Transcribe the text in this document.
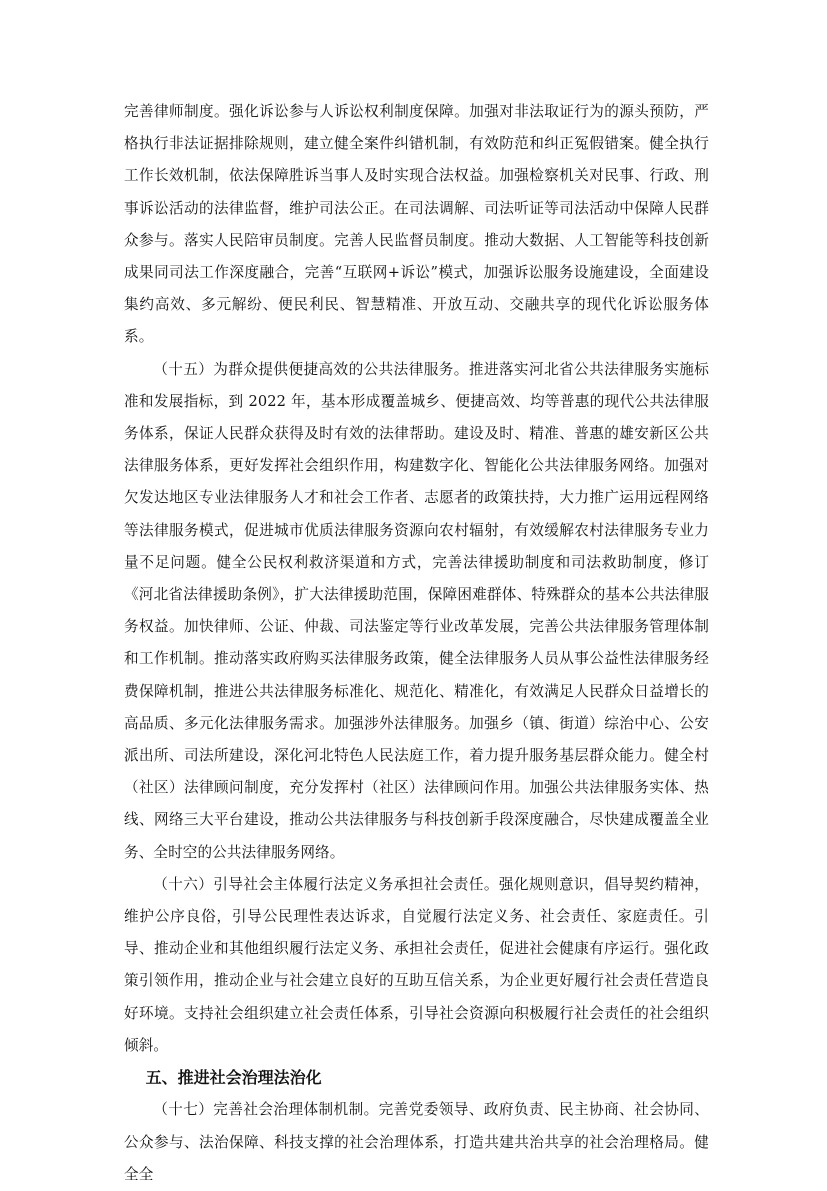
完善律师制度。强化诉讼参与人诉讼权利制度保障。加强对非法取证行为的源头预防，严格执行非法证据排除规则，建立健全案件纠错机制，有效防范和纠正冤假错案。健全执行工作长效机制，依法保障胜诉当事人及时实现合法权益。加强检察机关对民事、行政、刑事诉讼活动的法律监督，维护司法公正。在司法调解、司法听证等司法活动中保障人民群众参与。落实人民陪审员制度。完善人民监督员制度。推动大数据、人工智能等科技创新成果同司法工作深度融合，完善“互联网+诉讼”模式，加强诉讼服务设施建设，全面建设集约高效、多元解纷、便民利民、智慧精准、开放互动、交融共享的现代化诉讼服务体系。

（十五）为群众提供便捷高效的公共法律服务。推进落实河北省公共法律服务实施标准和发展指标，到 2022 年，基本形成覆盖城乡、便捷高效、均等普惠的现代公共法律服务体系，保证人民群众获得及时有效的法律帮助。建设及时、精准、普惠的雄安新区公共法律服务体系，更好发挥社会组织作用，构建数字化、智能化公共法律服务网络。加强对欠发达地区专业法律服务人才和社会工作者、志愿者的政策扶持，大力推广运用远程网络等法律服务模式，促进城市优质法律服务资源向农村辐射，有效缓解农村法律服务专业力量不足问题。健全公民权利救济渠道和方式，完善法律援助制度和司法救助制度，修订《河北省法律援助条例》，扩大法律援助范围，保障困难群体、特殊群众的基本公共法律服务权益。加快律师、公证、仲裁、司法鉴定等行业改革发展，完善公共法律服务管理体制和工作机制。推动落实政府购买法律服务政策，健全法律服务人员从事公益性法律服务经费保障机制，推进公共法律服务标准化、规范化、精准化，有效满足人民群众日益增长的高品质、多元化法律服务需求。加强涉外法律服务。加强乡（镇、街道）综治中心、公安派出所、司法所建设，深化河北特色人民法庭工作，着力提升服务基层群众能力。健全村（社区）法律顾问制度，充分发挥村（社区）法律顾问作用。加强公共法律服务实体、热线、网络三大平台建设，推动公共法律服务与科技创新手段深度融合，尽快建成覆盖全业务、全时空的公共法律服务网络。

（十六）引导社会主体履行法定义务承担社会责任。强化规则意识，倡导契约精神，维护公序良俗，引导公民理性表达诉求，自觉履行法定义务、社会责任、家庭责任。引导、推动企业和其他组织履行法定义务、承担社会责任，促进社会健康有序运行。强化政策引领作用，推动企业与社会建立良好的互助互信关系，为企业更好履行社会责任营造良好环境。支持社会组织建立社会责任体系，引导社会资源向积极履行社会责任的社会组织倾斜。

五、推进社会治理法治化

（十七）完善社会治理体制机制。完善党委领导、政府负责、民主协商、社会协同、公众参与、法治保障、科技支撑的社会治理体系，打造共建共治共享的社会治理格局。健全全
